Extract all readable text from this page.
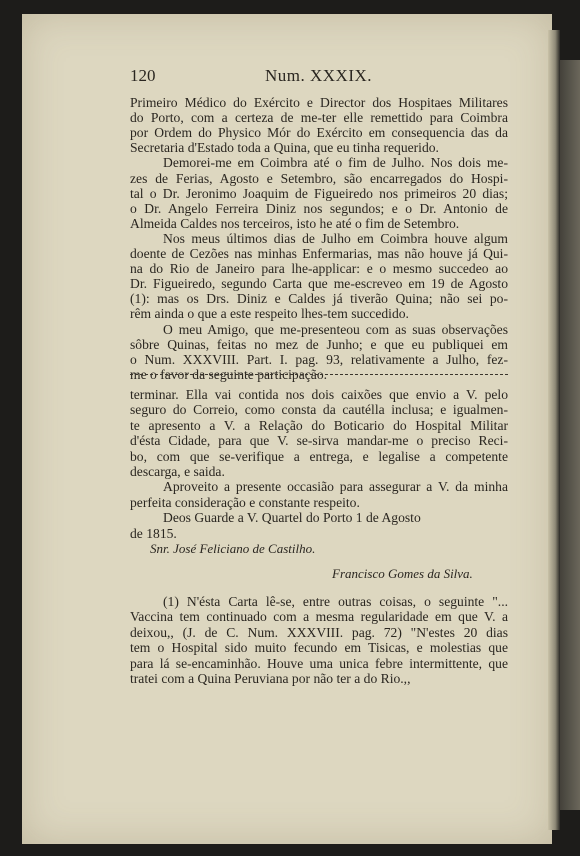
120	Num. XXXIX.
Primeiro Médico do Exército e Director dos Hospitaes Militares
do Porto, com a certeza de me-ter elle remettido para Coimbra
por Ordem do Physico Mór do Exército em consequencia das da
Secretaria d'Estado toda a Quina, que eu tinha requerido.
Demorei-me em Coimbra até o fim de Julho. Nos dois me-
zes de Ferias, Agosto e Setembro, são encarregados do Hospi-
tal o Dr. Jeronimo Joaquim de Figueiredo nos primeiros 20 dias;
o Dr. Angelo Ferreira Diniz nos segundos; e o Dr. Antonio de
Almeida Caldes nos terceiros, isto he até o fim de Setembro.
Nos meus últimos dias de Julho em Coimbra houve algum
doente de Cezões nas minhas Enfermarias, mas não houve já Qui-
na do Rio de Janeiro para lhe-applicar: e o mesmo succedeo ao
Dr. Figueiredo, segundo Carta que me-escreveo em 19 de Agosto
(1): mas os Drs. Diniz e Caldes já tiverão Quina; não sei po-
rêm ainda o que a este respeito lhes-tem succedido.
O meu Amigo, que me-presenteou com as suas observações
sôbre Quinas, feitas no mez de Junho; e que eu publiquei em
o Num. XXXVIII. Part. I. pag. 93, relativamente a Julho, fez-
me o favor da seguinte participação.
terminar. Ella vai contida nos dois caixões que envio a V. pelo
seguro do Correio, como consta da cautélla inclusa; e igualmen-
te apresento a V. a Relação do Boticario do Hospital Militar
d'ésta Cidade, para que V. se-sirva mandar-me o preciso Reci-
bo, com que se-verifique a entrega, e legalise a competente
descarga, e saida.
Aproveito a presente occasião para assegurar a V. da minha
perfeita consideração e constante respeito.
Deos Guarde a V. Quartel do Porto 1 de Agosto
de 1815.
Snr. José Feliciano de Castilho.
Francisco Gomes da Silva.
(1) N'ésta Carta lê-se, entre outras coisas, o seguinte "...
Vaccina tem continuado com a mesma regularidade em que V. a
deixou,, (J. de C. Num. XXXVIII. pag. 72) "N'estes 20 dias
tem o Hospital sido muito fecundo em Tisicas, e molestias que
para lá se-encaminhão. Houve uma unica febre intermittente, que
tratei com a Quina Peruviana por não ter a do Rio.,,
